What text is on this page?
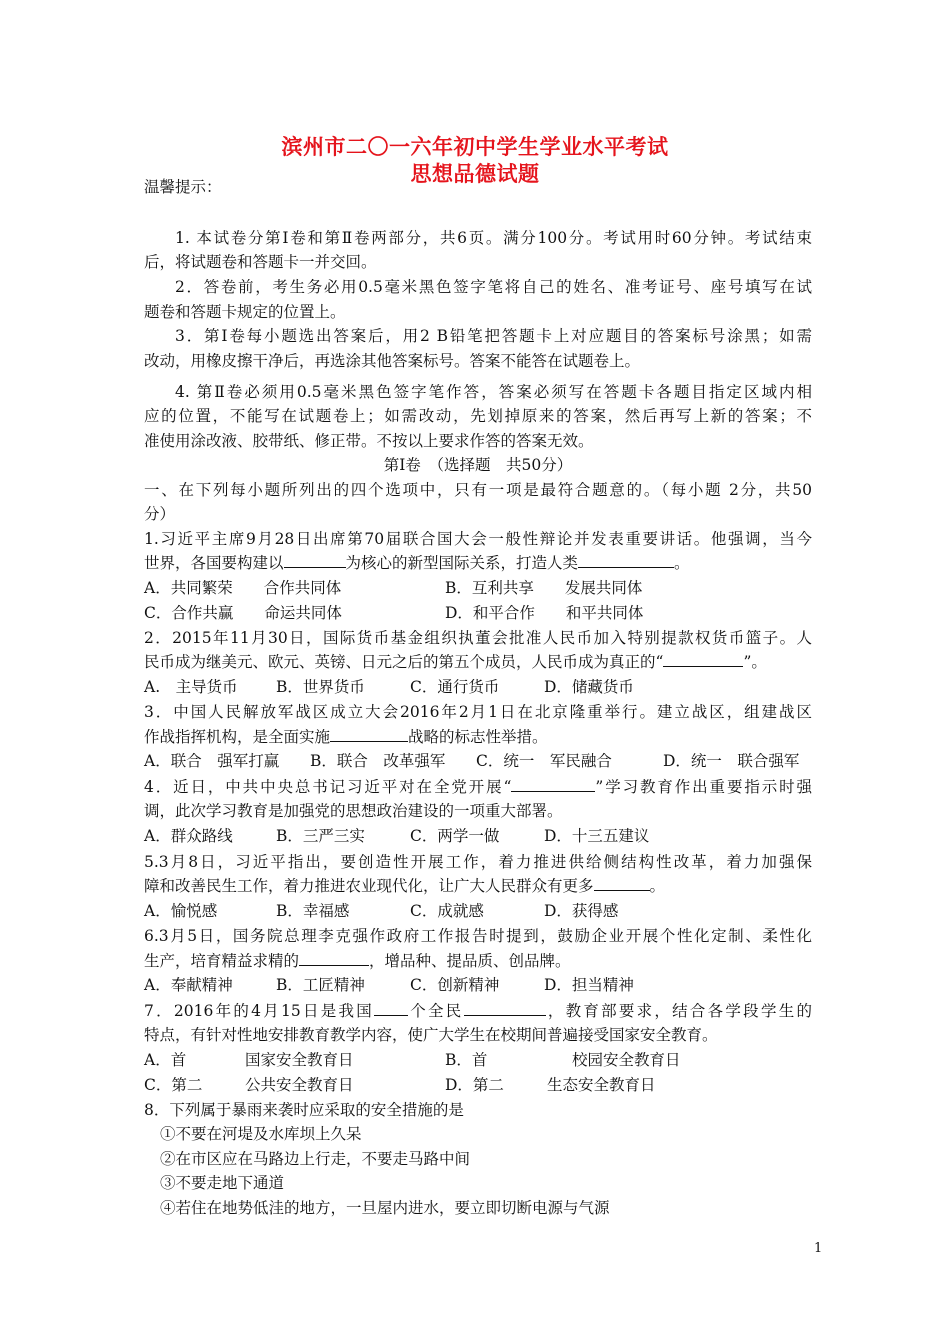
滨州市二〇一六年初中学生学业水平考试
思想品德试题
温馨提示：
1. 本试卷分第Ⅰ卷和第Ⅱ卷两部分，共6页。满分100分。考试用时60分钟。考试结束
后，将试题卷和答题卡一并交回。
2．答卷前，考生务必用0.5毫米黑色签字笔将自己的姓名、准考证号、座号填写在试
题卷和答题卡规定的位置上。
3．第Ⅰ卷每小题选出答案后，用2 B铅笔把答题卡上对应题目的答案标号涂黑；如需
改动，用橡皮擦干净后，再选涂其他答案标号。答案不能答在试题卷上。
4. 第Ⅱ卷必须用0.5毫米黑色签字笔作答，答案必须写在答题卡各题目指定区域内相
应的位置，不能写在试题卷上；如需改动，先划掉原来的答案，然后再写上新的答案；不
准使用涂改液、胶带纸、修正带。不按以上要求作答的答案无效。
第Ⅰ卷　（选择题　共50分）
一、在下列每小题所列出的四个选项中，只有一项是最符合题意的。（每小题 2分，共50
分）
1.习近平主席9月28日出席第70届联合国大会一般性辩论并发表重要讲话。他强调，当今
世界，各国要构建以	为核心的新型国际关系，打造人类	。
A．共同繁荣　　合作共同体	B．互利共享　　发展共同体
C．合作共赢　　命运共同体	D．和平合作　　和平共同体
2．2015年11月30日，国际货币基金组织执董会批准人民币加入特别提款权货币篮子。人
民币成为继美元、欧元、英镑、日元之后的第五个成员，人民币成为真正的“	”。
A.　主导货币 B．世界货币	C．通行货币	D．储藏货币
3．中国人民解放军战区成立大会2016年2月1日在北京隆重举行。建立战区，组建战区
作战指挥机构，是全面实施	战略的标志性举措。
A．联合　强军打赢 B．联合　改革强军 C．统一　军民融合	D．统一　联合强军
4．近日，中共中央总书记习近平对在全党开展“	”学习教育作出重要指示时强
调，此次学习教育是加强党的思想政治建设的一项重大部署。
A．群众路线	B．三严三实	C．两学一做	D．十三五建议
5.3月8日，习近平指出，要创造性开展工作，着力推进供给侧结构性改革，着力加强保
障和改善民生工作，着力推进农业现代化，让广大人民群众有更多	。
A．愉悦感	B．幸福感	C．成就感	D．获得感
6.3月5日，国务院总理李克强作政府工作报告时提到，鼓励企业开展个性化定制、柔性化
生产，培育精益求精的	，增品种、提品质、创品牌。
A．奉献精神	B．工匠精神	C．创新精神	D．担当精神
7．2016年的4月15日是我国 个全民	，教育部要求，结合各学段学生的
特点，有针对性地安排教育教学内容，使广大学生在校期间普遍接受国家安全教育。
A．首	国家安全教育日	B．首	校园安全教育日
C．第二	公共安全教育日	D．第二	生态安全教育日
8．下列属于暴雨来袭时应采取的安全措施的是
①不要在河堤及水库坝上久呆
②在市区应在马路边上行走，不要走马路中间
③不要走地下通道
④若住在地势低洼的地方，一旦屋内进水，要立即切断电源与气源
1
